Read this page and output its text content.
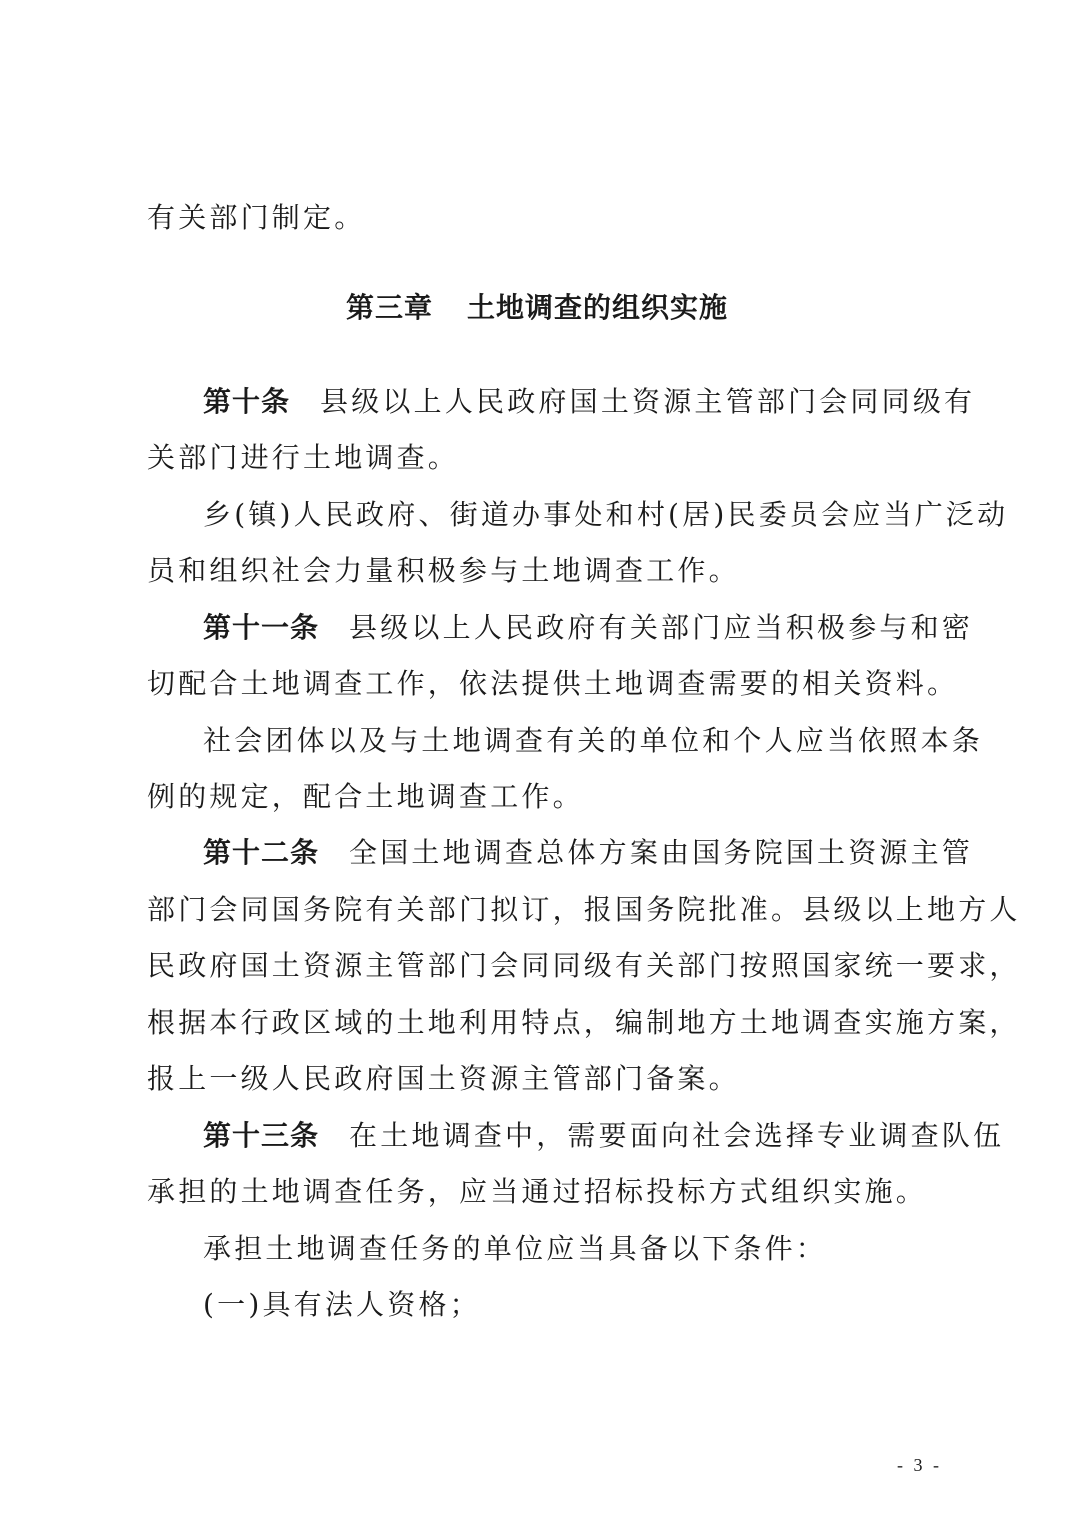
有关部门制定。
第三章 土地调查的组织实施
第十条 县级以上人民政府国土资源主管部门会同同级有
关部门进行土地调查。
乡(镇)人民政府、街道办事处和村(居)民委员会应当广泛动
员和组织社会力量积极参与土地调查工作。
第十一条 县级以上人民政府有关部门应当积极参与和密
切配合土地调查工作，依法提供土地调查需要的相关资料。
社会团体以及与土地调查有关的单位和个人应当依照本条
例的规定，配合土地调查工作。
第十二条 全国土地调查总体方案由国务院国土资源主管
部门会同国务院有关部门拟订，报国务院批准。县级以上地方人
民政府国土资源主管部门会同同级有关部门按照国家统一要求，
根据本行政区域的土地利用特点，编制地方土地调查实施方案，
报上一级人民政府国土资源主管部门备案。
第十三条 在土地调查中，需要面向社会选择专业调查队伍
承担的土地调查任务，应当通过招标投标方式组织实施。
承担土地调查任务的单位应当具备以下条件：
(一)具有法人资格；
- 3 -
